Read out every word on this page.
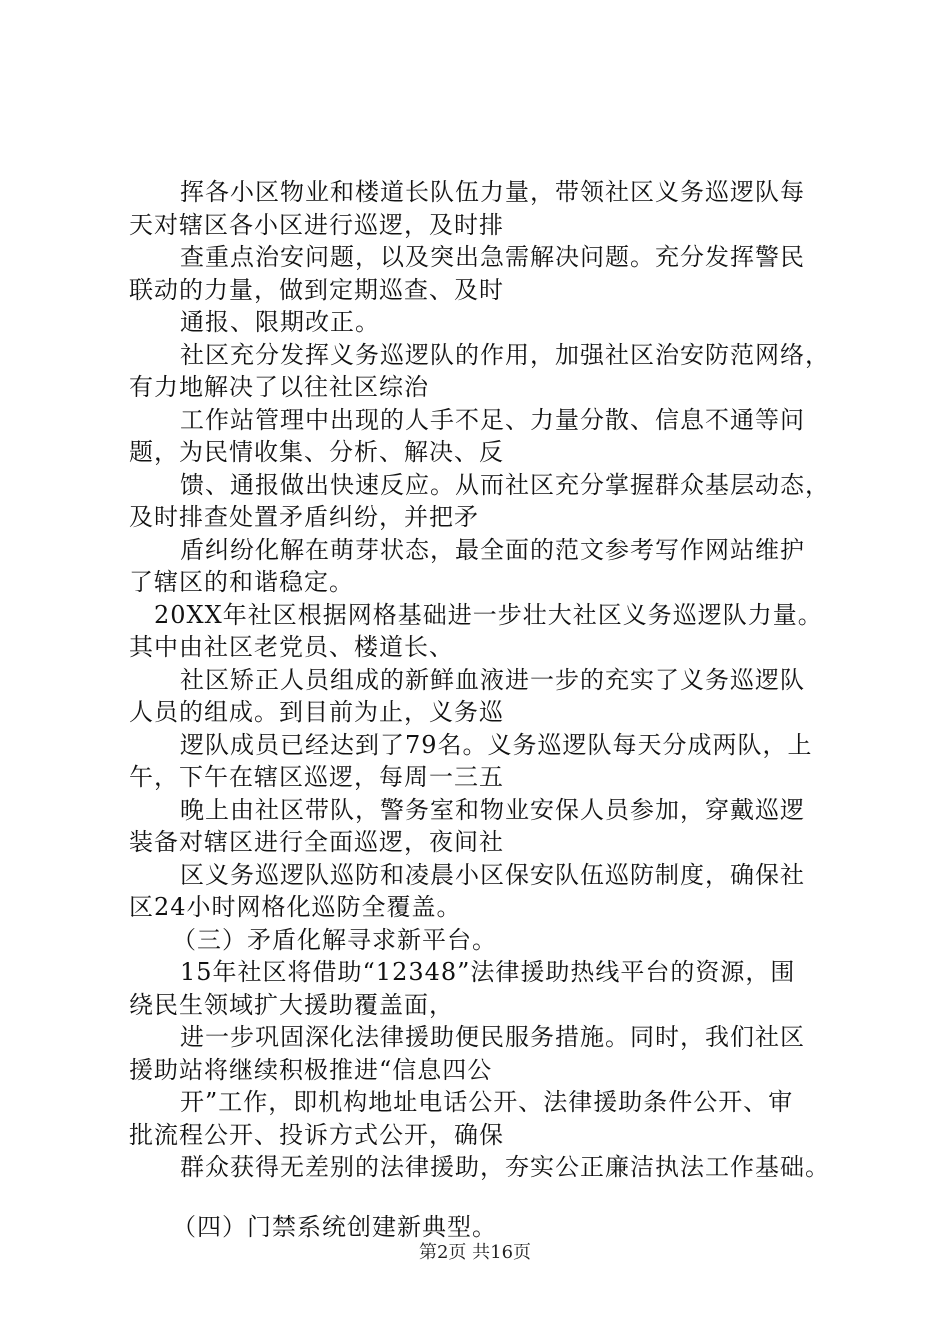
挥各小区物业和楼道长队伍力量，带领社区义务巡逻队每
天对辖区各小区进行巡逻，及时排
查重点治安问题，以及突出急需解决问题。充分发挥警民
联动的力量，做到定期巡查、及时
通报、限期改正。
社区充分发挥义务巡逻队的作用，加强社区治安防范网络，
有力地解决了以往社区综治
工作站管理中出现的人手不足、力量分散、信息不通等问
题，为民情收集、分析、解决、反
馈、通报做出快速反应。从而社区充分掌握群众基层动态，
及时排查处置矛盾纠纷，并把矛
盾纠纷化解在萌芽状态，最全面的范文参考写作网站维护
了辖区的和谐稳定。
20XX年社区根据网格基础进一步壮大社区义务巡逻队力量。
其中由社区老党员、楼道长、
社区矫正人员组成的新鲜血液进一步的充实了义务巡逻队
人员的组成。到目前为止，义务巡
逻队成员已经达到了79名。义务巡逻队每天分成两队，上
午，下午在辖区巡逻，每周一三五
晚上由社区带队，警务室和物业安保人员参加，穿戴巡逻
装备对辖区进行全面巡逻，夜间社
区义务巡逻队巡防和凌晨小区保安队伍巡防制度，确保社
区24小时网格化巡防全覆盖。
（三）矛盾化解寻求新平台。
15年社区将借助“12348”法律援助热线平台的资源，围
绕民生领域扩大援助覆盖面，
进一步巩固深化法律援助便民服务措施。同时，我们社区
援助站将继续积极推进“信息四公
开”工作，即机构地址电话公开、法律援助条件公开、审
批流程公开、投诉方式公开，确保
群众获得无差别的法律援助，夯实公正廉洁执法工作基础。
（四）门禁系统创建新典型。
第2页 共16页
